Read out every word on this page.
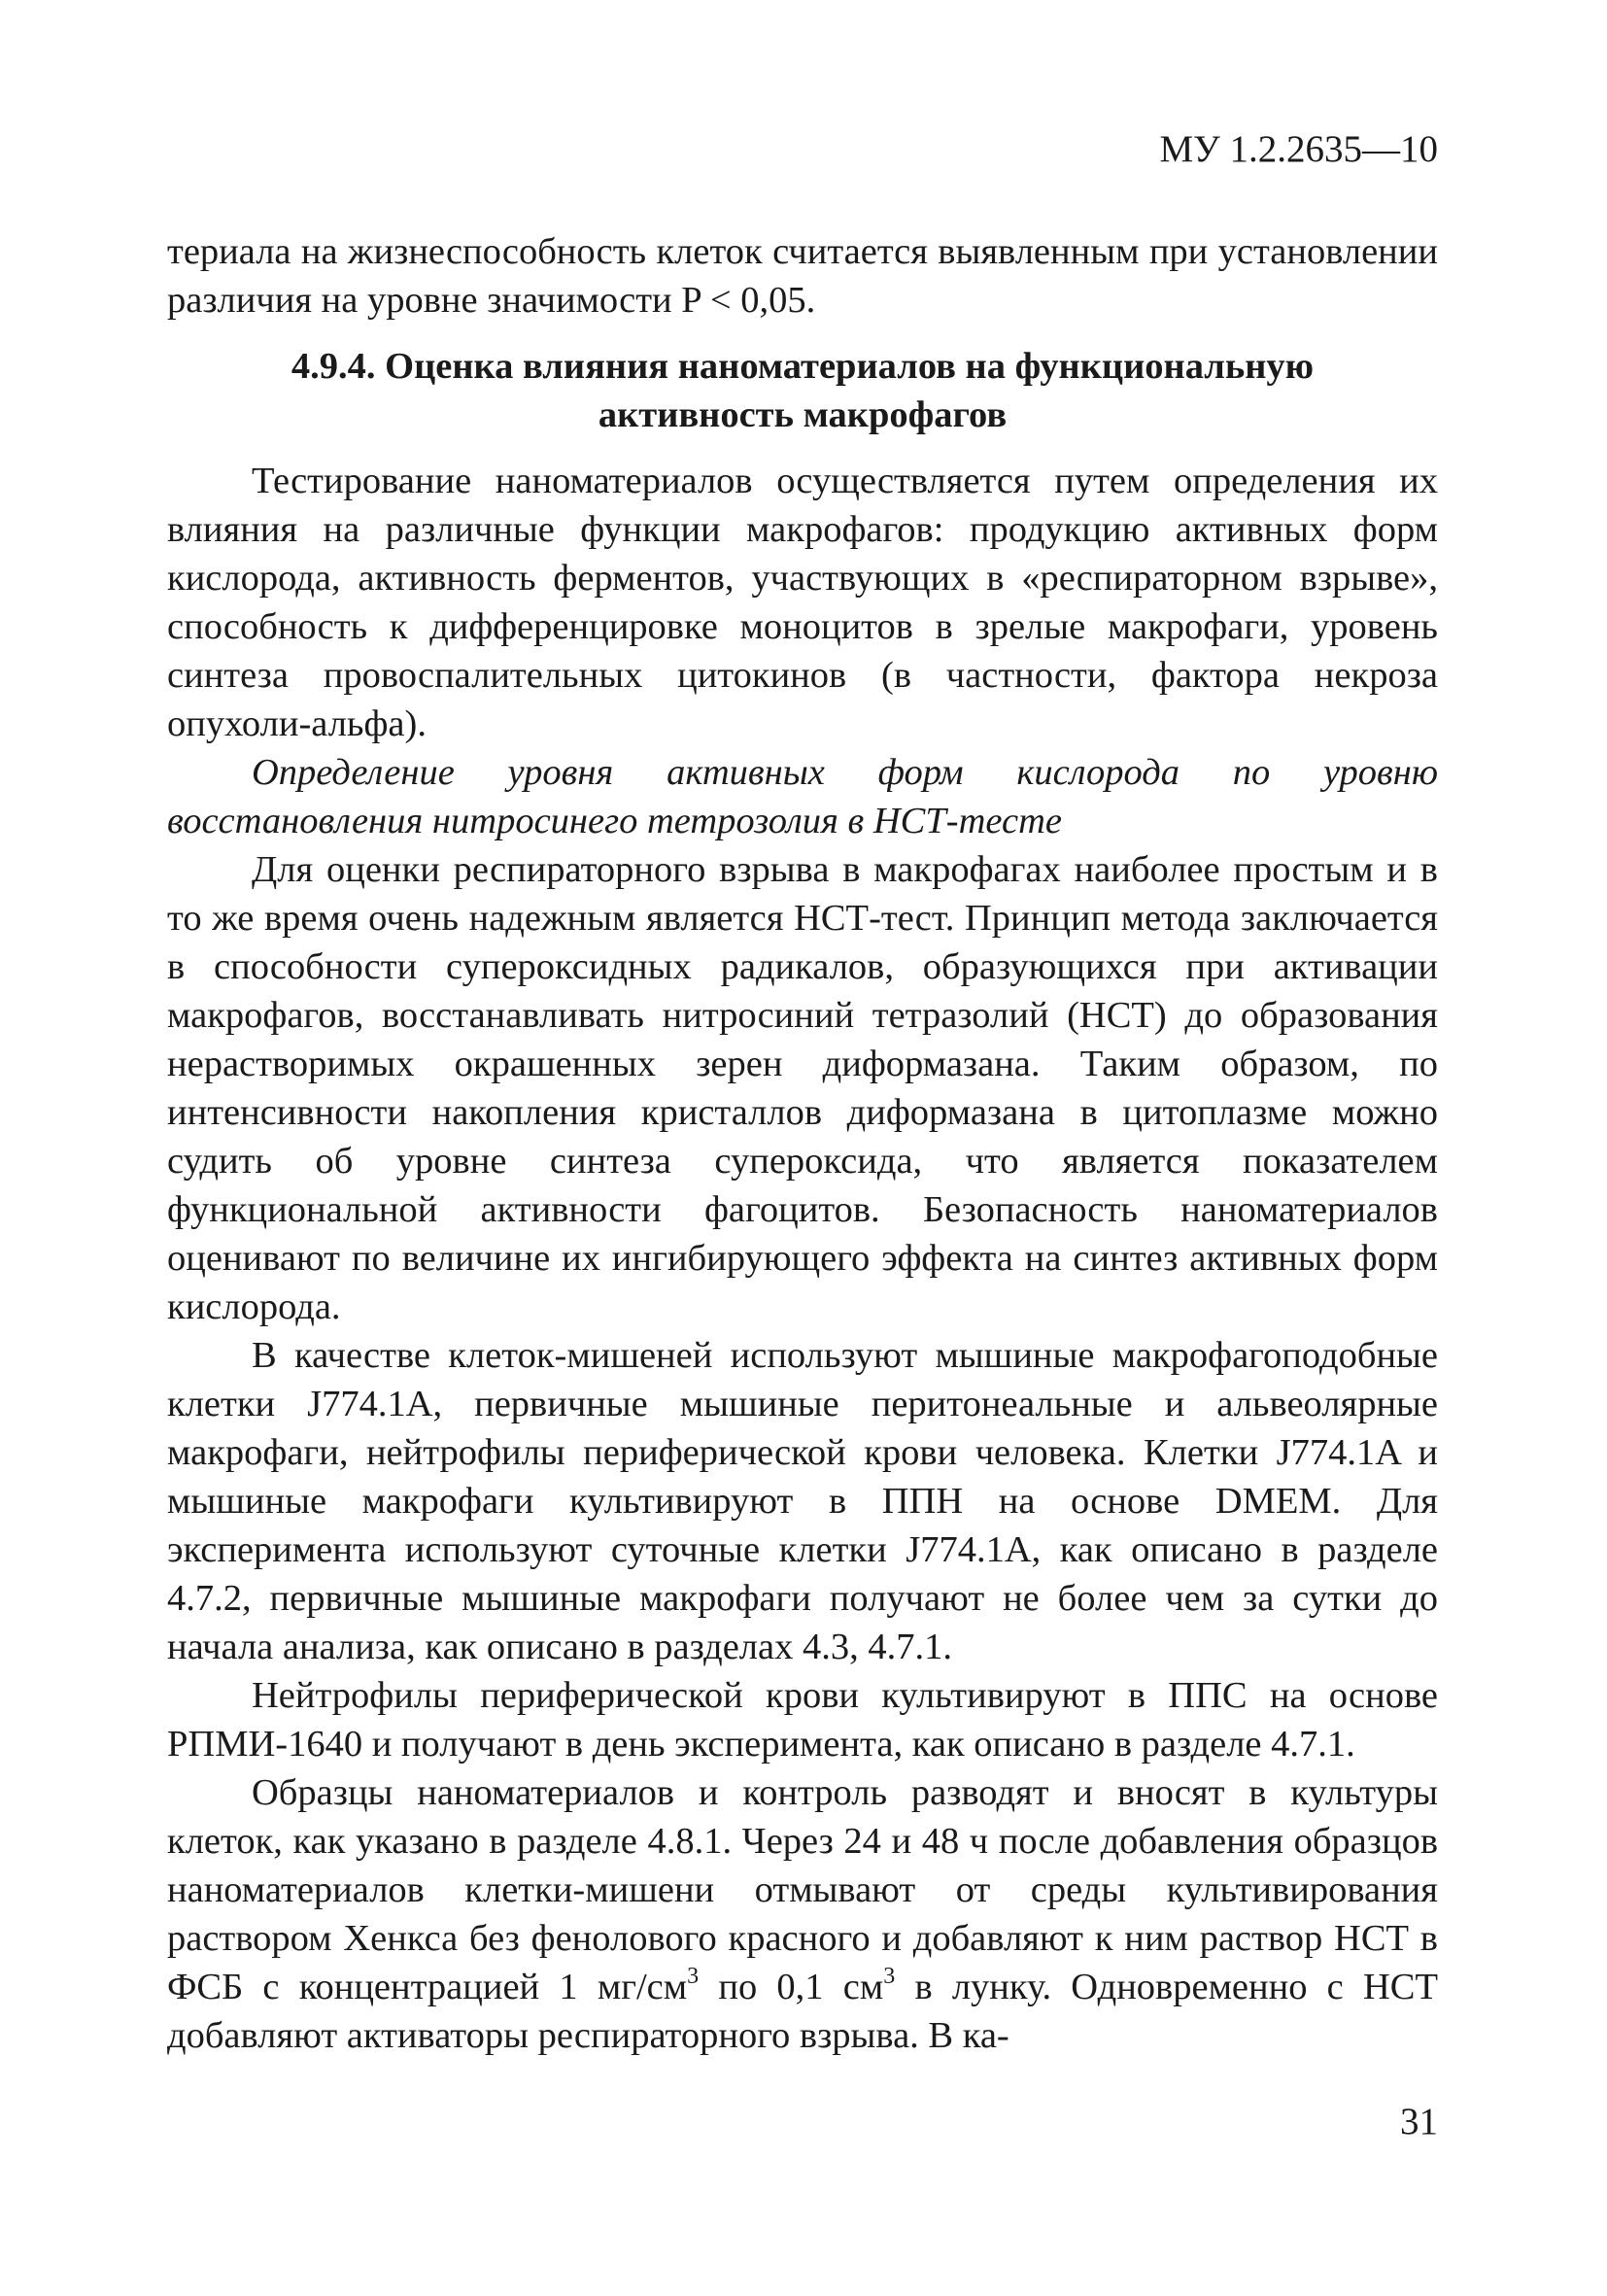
МУ 1.2.2635—10

териала на жизнеспособность клеток считается выявленным при установлении различия на уровне значимости P < 0,05.

4.9.4. Оценка влияния наноматериалов на функциональную активность макрофагов

Тестирование наноматериалов осуществляется путем определения их влияния на различные функции макрофагов: продукцию активных форм кислорода, активность ферментов, участвующих в «респираторном взрыве», способность к дифференцировке моноцитов в зрелые макрофаги, уровень синтеза провоспалительных цитокинов (в частности, фактора некроза опухоли-альфа).

Определение уровня активных форм кислорода по уровню восстановления нитросинего тетрозолия в НСТ-тесте

Для оценки респираторного взрыва в макрофагах наиболее простым и в то же время очень надежным является НСТ-тест. Принцип метода заключается в способности супероксидных радикалов, образующихся при активации макрофагов, восстанавливать нитросиний тетразолий (НСТ) до образования нерастворимых окрашенных зерен диформазана. Таким образом, по интенсивности накопления кристаллов диформазана в цитоплазме можно судить об уровне синтеза супероксида, что является показателем функциональной активности фагоцитов. Безопасность наноматериалов оценивают по величине их ингибирующего эффекта на синтез активных форм кислорода.

В качестве клеток-мишеней используют мышиные макрофагоподобные клетки J774.1A, первичные мышиные перитонеальные и альвеолярные макрофаги, нейтрофилы периферической крови человека. Клетки J774.1A и мышиные макрофаги культивируют в ППН на основе DMEM. Для эксперимента используют суточные клетки J774.1A, как описано в разделе 4.7.2, первичные мышиные макрофаги получают не более чем за сутки до начала анализа, как описано в разделах 4.3, 4.7.1.

Нейтрофилы периферической крови культивируют в ППС на основе РПМИ-1640 и получают в день эксперимента, как описано в разделе 4.7.1.

Образцы наноматериалов и контроль разводят и вносят в культуры клеток, как указано в разделе 4.8.1. Через 24 и 48 ч после добавления образцов наноматериалов клетки-мишени отмывают от среды культивирования раствором Хенкса без фенолового красного и добавляют к ним раствор НСТ в ФСБ с концентрацией 1 $мг/см^3$ по 0,1 $см^3$ в лунку. Одновременно с НСТ добавляют активаторы респираторного взрыва. В ка-

31
